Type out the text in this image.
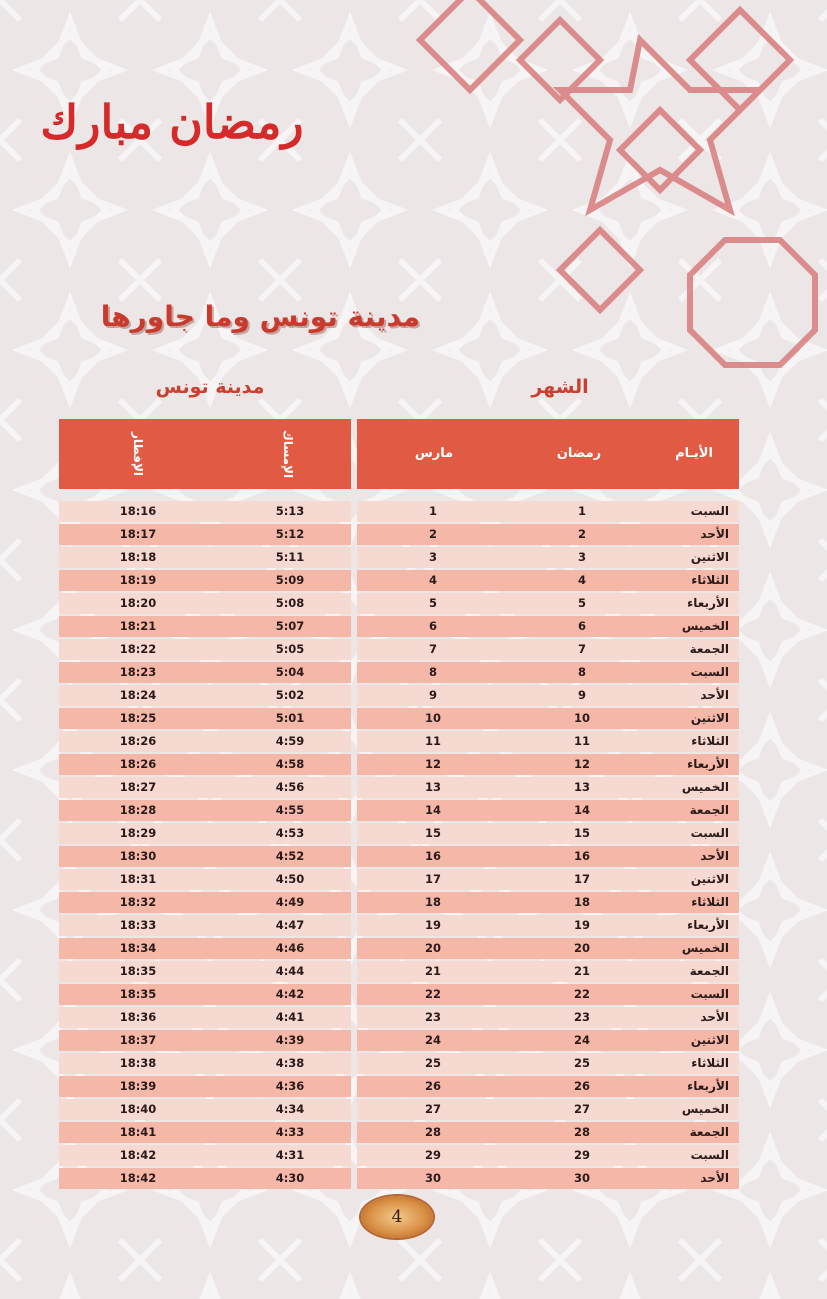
رمضان مبارك
مدينة تونس وما جاورها
الشهر
مدينة تونس
الأيـام
رمضان
مارس
الإمساك
الإفطار
السبت
1
1
5:13
18:16
الأحد
2
2
5:12
18:17
الاثنين
3
3
5:11
18:18
الثلاثاء
4
4
5:09
18:19
الأربعاء
5
5
5:08
18:20
الخميس
6
6
5:07
18:21
الجمعة
7
7
5:05
18:22
السبت
8
8
5:04
18:23
الأحد
9
9
5:02
18:24
الاثنين
10
10
5:01
18:25
الثلاثاء
11
11
4:59
18:26
الأربعاء
12
12
4:58
18:26
الخميس
13
13
4:56
18:27
الجمعة
14
14
4:55
18:28
السبت
15
15
4:53
18:29
الأحد
16
16
4:52
18:30
الاثنين
17
17
4:50
18:31
الثلاثاء
18
18
4:49
18:32
الأربعاء
19
19
4:47
18:33
الخميس
20
20
4:46
18:34
الجمعة
21
21
4:44
18:35
السبت
22
22
4:42
18:35
الأحد
23
23
4:41
18:36
الاثنين
24
24
4:39
18:37
الثلاثاء
25
25
4:38
18:38
الأربعاء
26
26
4:36
18:39
الخميس
27
27
4:34
18:40
الجمعة
28
28
4:33
18:41
السبت
29
29
4:31
18:42
الأحد
30
30
4:30
18:42
4
